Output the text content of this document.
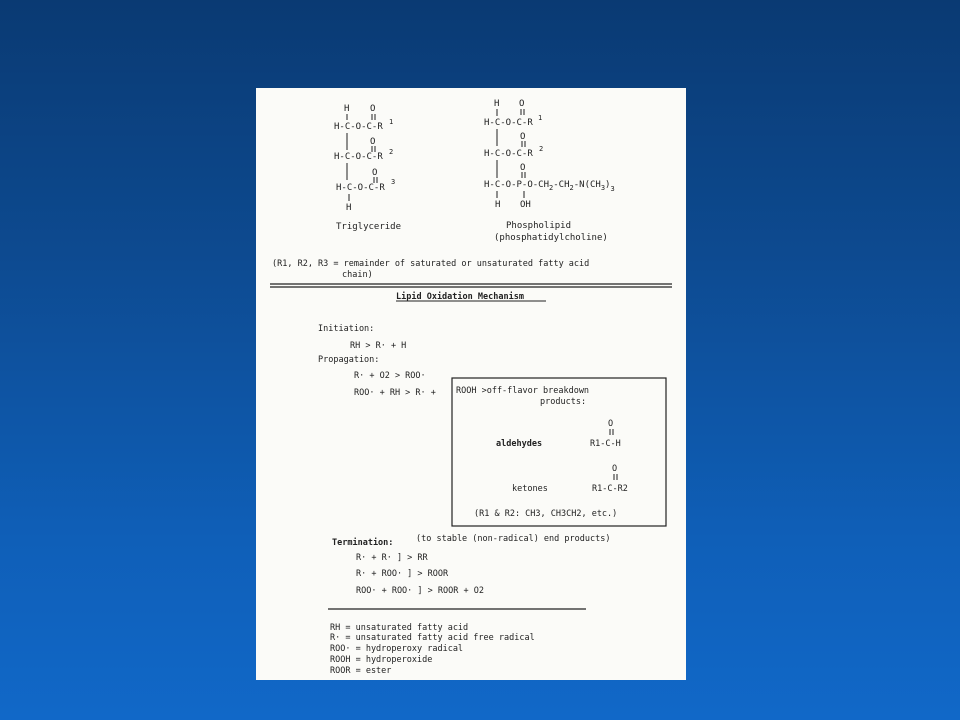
H O
H-C-O-C-R 1
O
H-C-O-C-R 2
O
H-C-O-C-R
3
H
Triglyceride
H O
H-C-O-C-R 1
O
H-C-O-C-R 2
O
$H-C-O-P-O-CH_2-CH_2-N(CH_3)_3$
H OH
Phospholipid
(phosphatidylcholine)
(R1, R2, R3 = remainder of saturated or unsaturated fatty acid
chain)
Lipid Oxidation Mechanism
Initiation:
RH > R· + H
Propagation:
R· + O2 > ROO·
ROO· + RH > R· + ROOH >off-flavor breakdown
products:
O
aldehydes	R1-C-H
O
ketones	R1-C-R2
(R1 & R2: CH3, CH3CH2, etc.)
Termination:	(to stable (non-radical) end products)
R· + R· ] > RR
R· + ROO· ] > ROOR
ROO· + ROO· ] > ROOR + O2
RH = unsaturated fatty acid
R· = unsaturated fatty acid free radical
ROO· = hydroperoxy radical
ROOH = hydroperoxide
ROOR = ester
